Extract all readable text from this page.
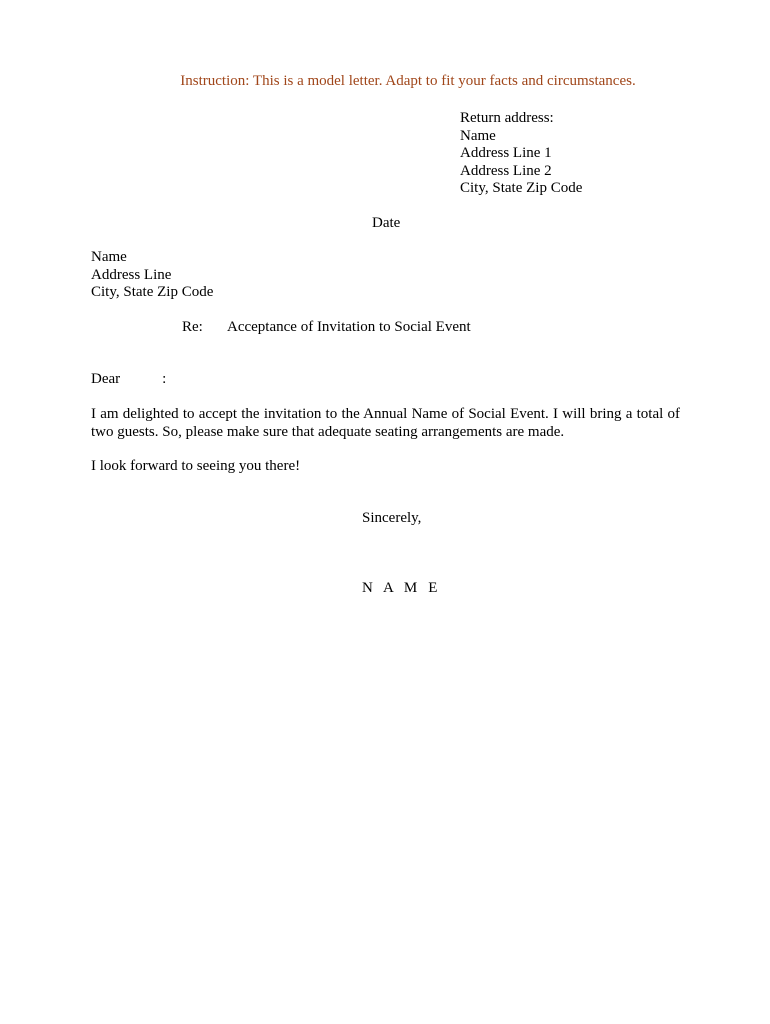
Instruction: This is a model letter. Adapt to fit your facts and circumstances.
Return address:
Name
Address Line 1
Address Line 2
City, State Zip Code
Date
Name
Address Line
City, State Zip Code
Re: Acceptance of Invitation to Social Event
Dear	:
I am delighted to accept the invitation to the Annual Name of Social Event. I will bring a total of two guests. So, please make sure that adequate seating arrangements are made.
I look forward to seeing you there!
Sincerely,
N A M E
